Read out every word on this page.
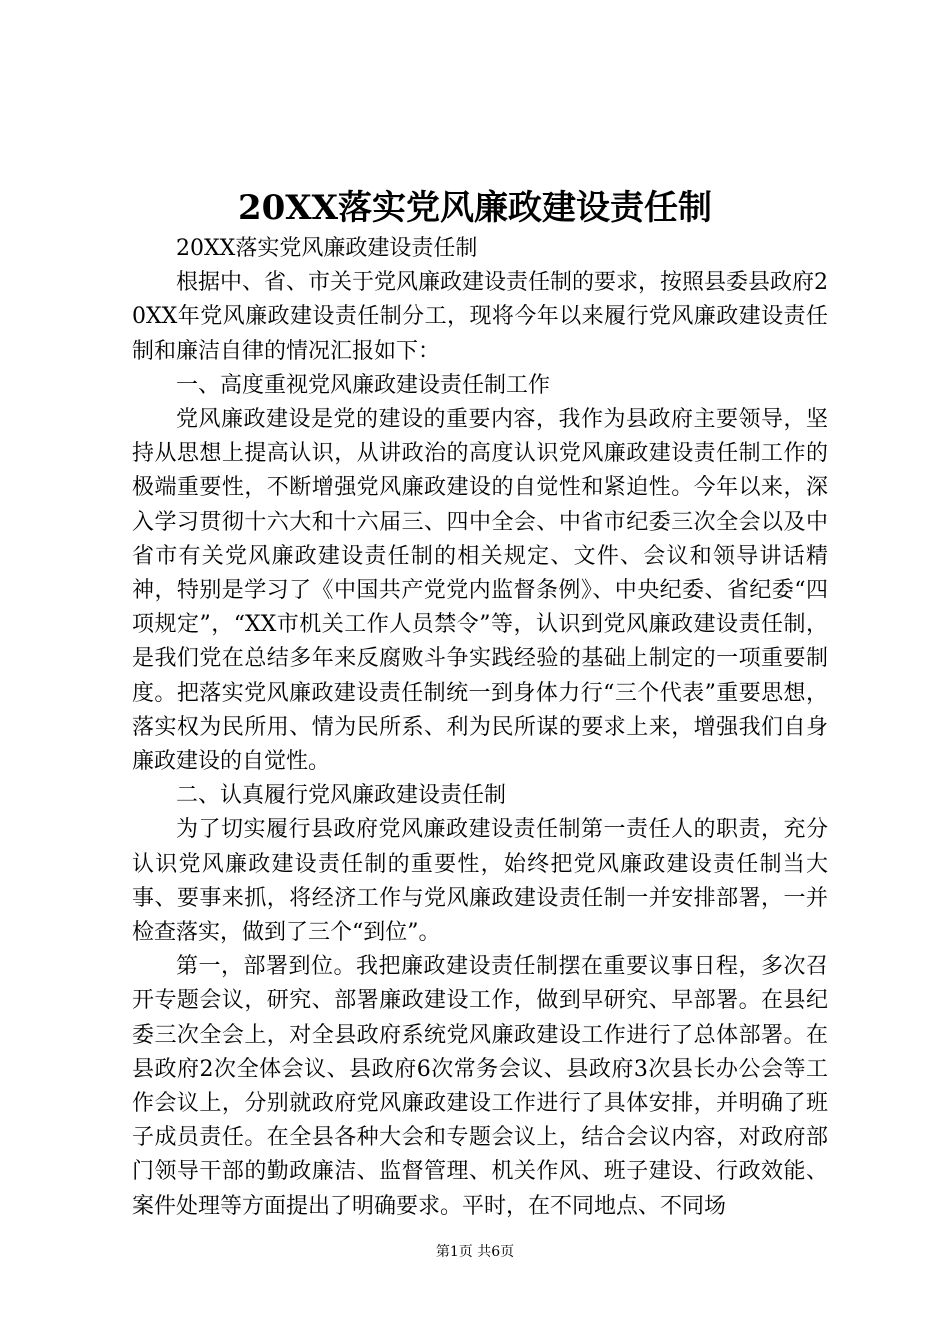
20XX落实党风廉政建设责任制

20XX落实党风廉政建设责任制

根据中、省、市关于党风廉政建设责任制的要求，按照县委县政府20XX年党风廉政建设责任制分工，现将今年以来履行党风廉政建设责任制和廉洁自律的情况汇报如下：

一、高度重视党风廉政建设责任制工作

党风廉政建设是党的建设的重要内容，我作为县政府主要领导，坚持从思想上提高认识，从讲政治的高度认识党风廉政建设责任制工作的极端重要性，不断增强党风廉政建设的自觉性和紧迫性。今年以来，深入学习贯彻十六大和十六届三、四中全会、中省市纪委三次全会以及中省市有关党风廉政建设责任制的相关规定、文件、会议和领导讲话精神，特别是学习了《中国共产党党内监督条例》、中央纪委、省纪委“四项规定”，“XX市机关工作人员禁令”等，认识到党风廉政建设责任制，是我们党在总结多年来反腐败斗争实践经验的基础上制定的一项重要制度。把落实党风廉政建设责任制统一到身体力行“三个代表”重要思想，落实权为民所用、情为民所系、利为民所谋的要求上来，增强我们自身廉政建设的自觉性。

二、认真履行党风廉政建设责任制

为了切实履行县政府党风廉政建设责任制第一责任人的职责，充分认识党风廉政建设责任制的重要性，始终把党风廉政建设责任制当大事、要事来抓，将经济工作与党风廉政建设责任制一并安排部署，一并检查落实，做到了三个“到位”。

第一，部署到位。我把廉政建设责任制摆在重要议事日程，多次召开专题会议，研究、部署廉政建设工作，做到早研究、早部署。在县纪委三次全会上，对全县政府系统党风廉政建设工作进行了总体部署。在县政府2次全体会议、县政府6次常务会议、县政府3次县长办公会等工作会议上，分别就政府党风廉政建设工作进行了具体安排，并明确了班子成员责任。在全县各种大会和专题会议上，结合会议内容，对政府部门领导干部的勤政廉洁、监督管理、机关作风、班子建设、行政效能、案件处理等方面提出了明确要求。平时，在不同地点、不同场

第1页 共6页
